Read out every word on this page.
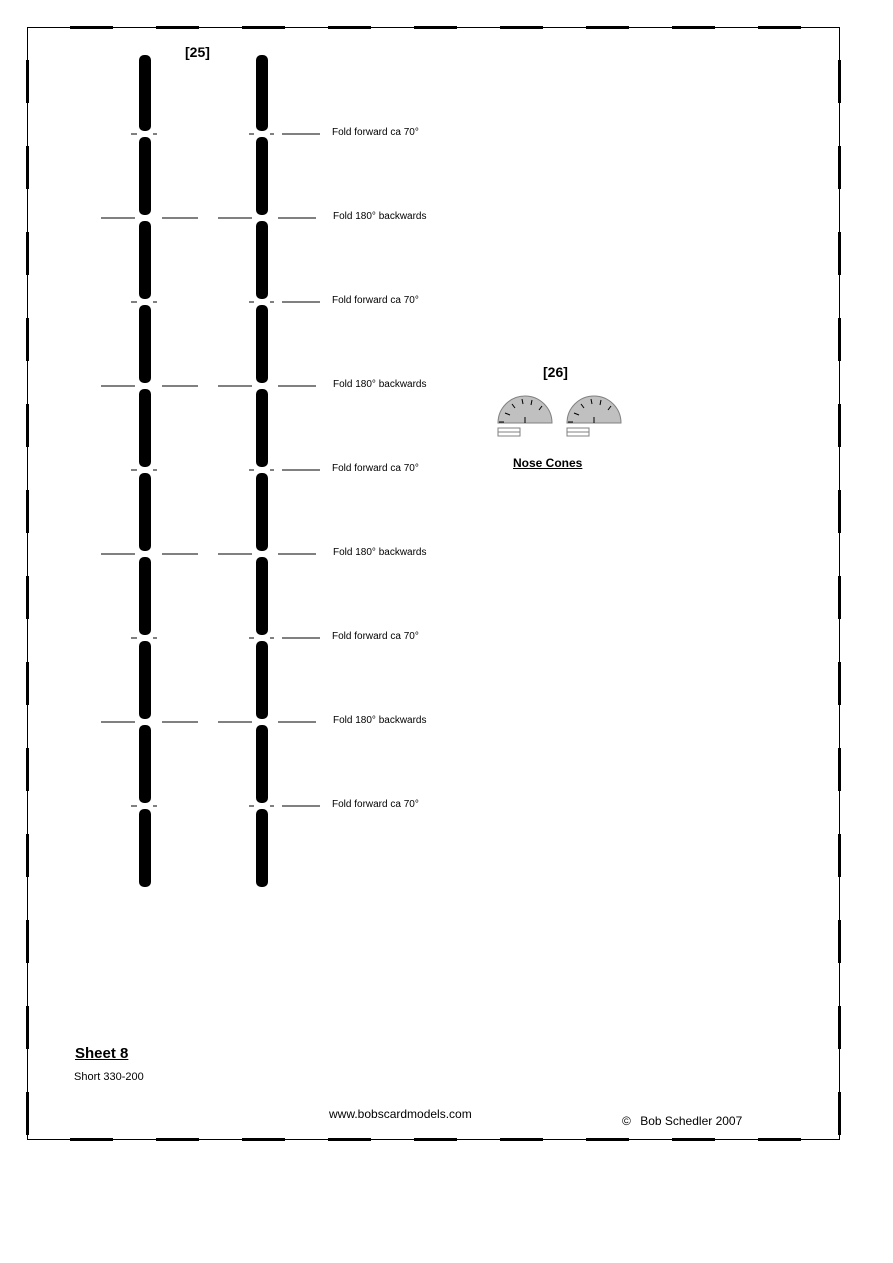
[25]
Fold forward ca 70°
Fold 180° backwards
Fold forward ca 70°
Fold 180° backwards
Fold forward ca 70°
Fold 180° backwards
Fold forward ca 70°
Fold 180° backwards
Fold forward ca 70°
[26]
Nose Cones
Sheet 8
Short 330-200
www.bobscardmodels.com	© Bob Schedler 2007
